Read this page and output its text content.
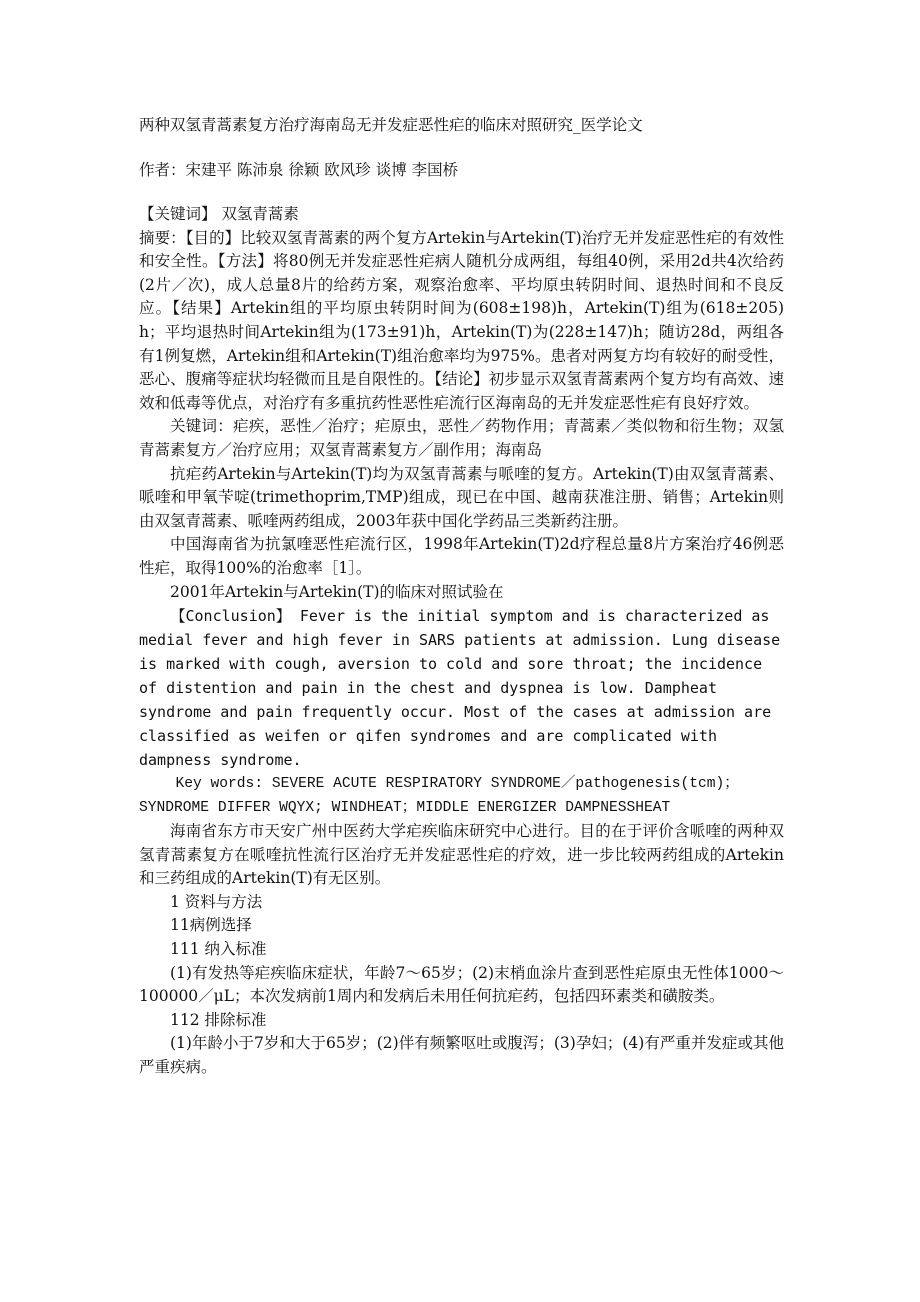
两种双氢青蒿素复方治疗海南岛无并发症恶性疟的临床对照研究_医学论文
作者：宋建平 陈沛泉 徐颖 欧风珍 谈博 李国桥

【关键词】 双氢青蒿素

摘要：【目的】比较双氢青蒿素的两个复方Artekin与Artekin(T)治疗无并发症恶性疟的有效性和安全性。【方法】将80例无并发症恶性疟病人随机分成两组，每组40例，采用2d共4次给药(2片／次)，成人总量8片的给药方案，观察治愈率、平均原虫转阴时间、退热时间和不良反应。【结果】Artekin组的平均原虫转阴时间为(608±198)h，Artekin(T)组为(618±205)h；平均退热时间Artekin组为(173±91)h，Artekin(T)为(228±147)h；随访28d，两组各有1例复燃，Artekin组和Artekin(T)组治愈率均为975%。患者对两复方均有较好的耐受性，恶心、腹痛等症状均轻微而且是自限性的。【结论】初步显示双氢青蒿素两个复方均有高效、速效和低毒等优点，对治疗有多重抗药性恶性疟流行区海南岛的无并发症恶性疟有良好疗效。

关键词：疟疾，恶性／治疗；疟原虫，恶性／药物作用；青蒿素／类似物和衍生物；双氢青蒿素复方／治疗应用；双氢青蒿素复方／副作用；海南岛

抗疟药Artekin与Artekin(T)均为双氢青蒿素与哌喹的复方。Artekin(T)由双氢青蒿素、哌喹和甲氧苄啶(trimethoprim,TMP)组成，现已在中国、越南获准注册、销售；Artekin则由双氢青蒿素、哌喹两药组成，2003年获中国化学药品三类新药注册。

中国海南省为抗氯喹恶性疟流行区，1998年Artekin(T)2d疗程总量8片方案治疗46例恶性疟，取得100%的治愈率［1］。

2001年Artekin与Artekin(T)的临床对照试验在

【Conclusion】 Fever is the initial symptom and is characterized as medial fever and high fever in SARS patients at admission. Lung disease is marked with cough, aversion to cold and sore throat; the incidence of distention and pain in the chest and dyspnea is low. Dampheat syndrome and pain frequently occur. Most of the cases at admission are classified as weifen or qifen syndromes and are complicated with dampness syndrome.

Key words: SEVERE ACUTE RESPIRATORY SYNDROME／pathogenesis(tcm)；SYNDROME DIFFER WQYX; WINDHEAT；MIDDLE ENERGIZER DAMPNESSHEAT

海南省东方市天安广州中医药大学疟疾临床研究中心进行。目的在于评价含哌喹的两种双氢青蒿素复方在哌喹抗性流行区治疗无并发症恶性疟的疗效，进一步比较两药组成的Artekin和三药组成的Artekin(T)有无区别。

1 资料与方法

11病例选择

111 纳入标准

(1)有发热等疟疾临床症状，年龄7～65岁；(2)末梢血涂片查到恶性疟原虫无性体1000～100000／μL；本次发病前1周内和发病后未用任何抗疟药，包括四环素类和磺胺类。

112 排除标准

(1)年龄小于7岁和大于65岁；(2)伴有频繁呕吐或腹泻；(3)孕妇；(4)有严重并发症或其他严重疾病。
